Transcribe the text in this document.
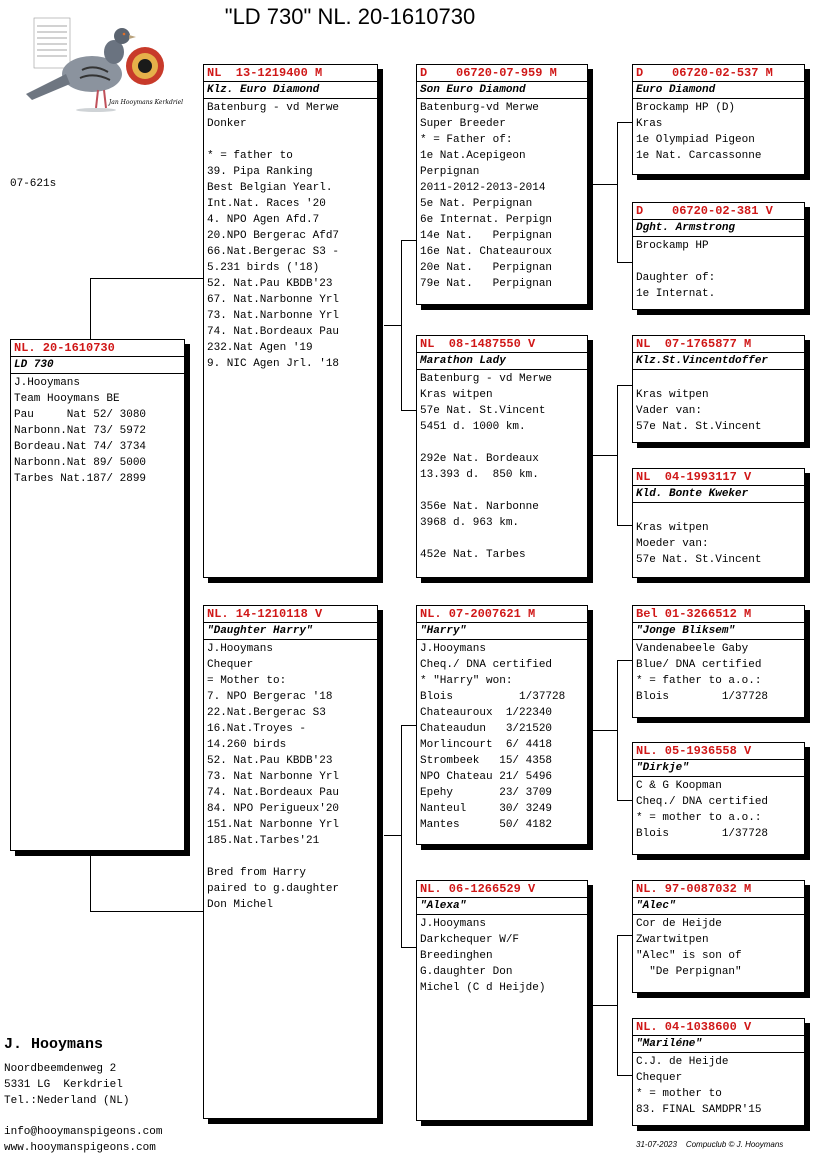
"LD 730" NL. 20-1610730
Jan Hooymans Kerkdriel
07-621s
NL. 20-1610730
LD 730
J.Hooymans
Team Hooymans BE
Pau     Nat 52/ 3080
Narbonn.Nat 73/ 5972
Bordeau.Nat 74/ 3734
Narbonn.Nat 89/ 5000
Tarbes Nat.187/ 2899
NL  13-1219400 M
Klz. Euro Diamond
Batenburg - vd Merwe
Donker

* = father to
39. Pipa Ranking
Best Belgian Yearl.
Int.Nat. Races '20
4. NPO Agen Afd.7
20.NPO Bergerac Afd7
66.Nat.Bergerac S3 -
5.231 birds ('18)
52. Nat.Pau KBDB'23
67. Nat.Narbonne Yrl
73. Nat.Narbonne Yrl
74. Nat.Bordeaux Pau
232.Nat Agen '19
9. NIC Agen Jrl. '18
NL. 14-1210118 V
"Daughter Harry"
J.Hooymans
Chequer
= Mother to:
7. NPO Bergerac '18
22.Nat.Bergerac S3
16.Nat.Troyes -
14.260 birds
52. Nat.Pau KBDB'23
73. Nat Narbonne Yrl
74. Nat.Bordeaux Pau
84. NPO Perigueux'20
151.Nat Narbonne Yrl
185.Nat.Tarbes'21

Bred from Harry
paired to g.daughter
Don Michel
D    06720-07-959 M
Son Euro Diamond
Batenburg-vd Merwe
Super Breeder
* = Father of:
1e Nat.Acepigeon
Perpignan
2011-2012-2013-2014
5e Nat. Perpignan
6e Internat. Perpign
14e Nat.   Perpignan
16e Nat. Chateauroux
20e Nat.   Perpignan
79e Nat.   Perpignan
NL  08-1487550 V
Marathon Lady
Batenburg - vd Merwe
Kras witpen
57e Nat. St.Vincent
5451 d. 1000 km.

292e Nat. Bordeaux
13.393 d.  850 km.

356e Nat. Narbonne
3968 d. 963 km.

452e Nat. Tarbes
NL. 07-2007621 M
"Harry"
J.Hooymans
Cheq./ DNA certified
* "Harry" won:
Blois          1/37728
Chateauroux  1/22340
Chateaudun   3/21520
Morlincourt  6/ 4418
Strombeek   15/ 4358
NPO Chateau 21/ 5496
Epehy       23/ 3709
Nanteul     30/ 3249
Mantes      50/ 4182
NL. 06-1266529 V
"Alexa"
J.Hooymans
Darkchequer W/F
Breedinghen
G.daughter Don
Michel (C d Heijde)
D    06720-02-537 M
Euro Diamond
Brockamp HP (D)
Kras
1e Olympiad Pigeon
1e Nat. Carcassonne
D    06720-02-381 V
Dght. Armstrong
Brockamp HP

Daughter of:
1e Internat.
NL  07-1765877 M
Klz.St.Vincentdoffer

Kras witpen
Vader van:
57e Nat. St.Vincent
NL  04-1993117 V
Kld. Bonte Kweker

Kras witpen
Moeder van:
57e Nat. St.Vincent
Bel 01-3266512 M
"Jonge Bliksem"
Vandenabeele Gaby
Blue/ DNA certified
* = father to a.o.:
Blois        1/37728
NL. 05-1936558 V
"Dirkje"
C & G Koopman
Cheq./ DNA certified
* = mother to a.o.:
Blois        1/37728
NL. 97-0087032 M
"Alec"
Cor de Heijde
Zwartwitpen
"Alec" is son of
"De Perpignan"
NL. 04-1038600 V
"Mariléne"
C.J. de Heijde
Chequer
* = mother to
83. FINAL SAMDPR'15
J. Hooymans
Noordbeemdenweg 2
5331 LG  Kerkdriel
Tel.:Nederland (NL)
info@hooymanspigeons.com
www.hooymanspigeons.com	31-07-2023    Compuclub © J. Hooymans
